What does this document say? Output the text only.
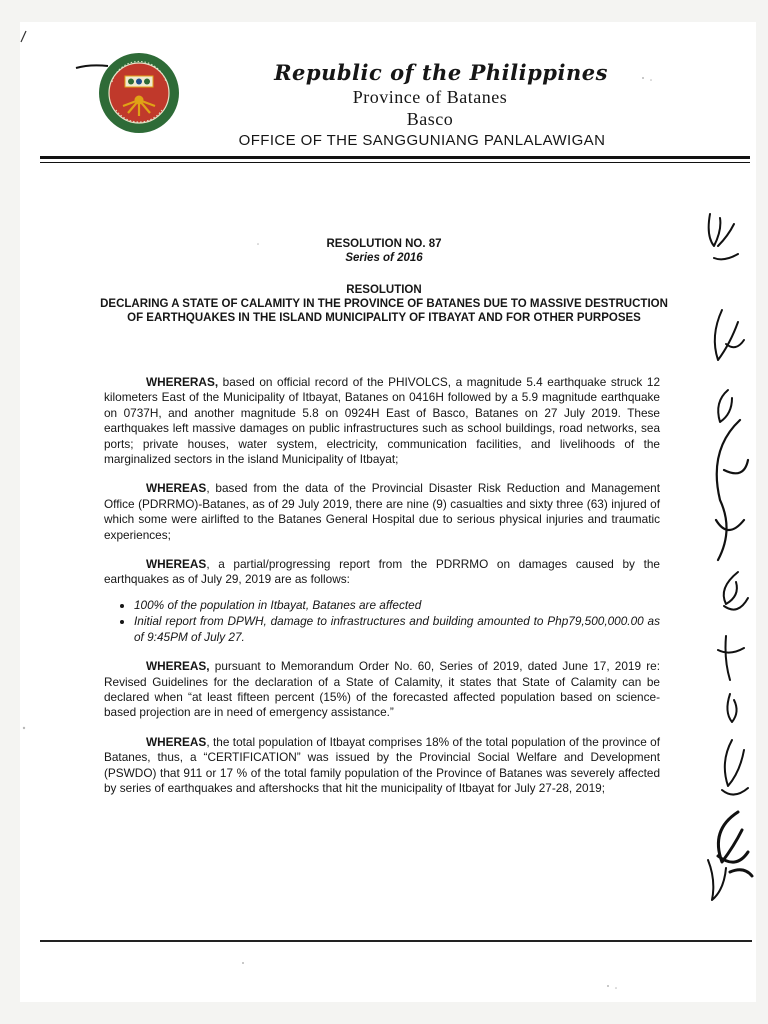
Republic of the Philippines
Province of Batanes
Basco
OFFICE OF THE SANGGUNIANG PANLALAWIGAN
RESOLUTION NO. 87
Series of 2016
RESOLUTION
DECLARING A STATE OF CALAMITY IN THE PROVINCE OF BATANES DUE TO MASSIVE DESTRUCTION OF EARTHQUAKES IN THE ISLAND MUNICIPALITY OF ITBAYAT AND FOR OTHER PURPOSES

WHERERAS, based on official record of the PHIVOLCS, a magnitude 5.4 earthquake struck 12 kilometers East of the Municipality of Itbayat, Batanes on 0416H followed by a 5.9 magnitude earthquake on 0737H, and another magnitude 5.8 on 0924H East of Basco, Batanes on 27 July 2019. These earthquakes left massive damages on public infrastructures such as school buildings, road networks, sea ports; private houses, water system, electricity, communication facilities, and livelihoods of the marginalized sectors in the island Municipality of Itbayat;

WHEREAS, based from the data of the Provincial Disaster Risk Reduction and Management Office (PDRRMO)-Batanes, as of 29 July 2019, there are nine (9) casualties and sixty three (63) injured of which some were airlifted to the Batanes General Hospital due to serious physical injuries and traumatic experiences;

WHEREAS, a partial/progressing report from the PDRRMO on damages caused by the earthquakes as of July 29, 2019 are as follows:

• 100% of the population in Itbayat, Batanes are affected
• Initial report from DPWH, damage to infrastructures and building amounted to Php79,500,000.00 as of 9:45PM of July 27.

WHEREAS, pursuant to Memorandum Order No. 60, Series of 2019, dated June 17, 2019 re: Revised Guidelines for the declaration of a State of Calamity, it states that State of Calamity can be declared when “at least fifteen percent (15%) of the forecasted affected population based on science-based projection are in need of emergency assistance.”

WHEREAS, the total population of Itbayat comprises 18% of the total population of the province of Batanes, thus, a “CERTIFICATION” was issued by the Provincial Social Welfare and Development (PSWDO) that 911 or 17 % of the total family population of the Province of Batanes was severely affected by series of earthquakes and aftershocks that hit the municipality of Itbayat for July 27-28, 2019;
